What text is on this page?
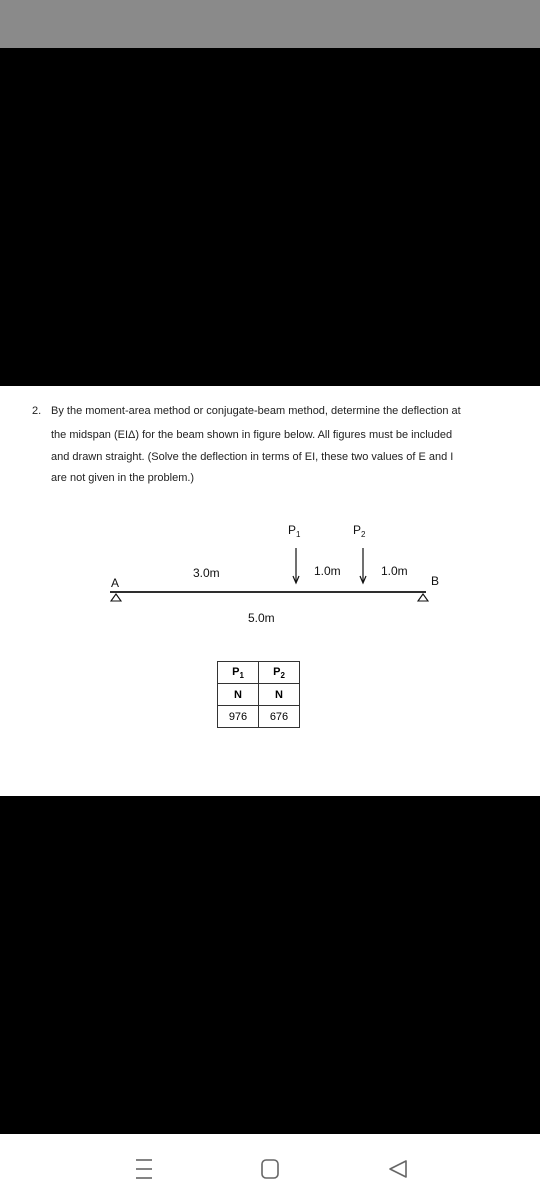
2. By the moment-area method or conjugate-beam method, determine the deflection at
the midspan (EIΔ) for the beam shown in figure below. All figures must be included
and drawn straight. (Solve the deflection in terms of EI, these two values of E and I
are not given in the problem.)
$P_1$	$P_2$
3.0m	1.0m	1.0m
A	B
5.0m
$P_1$	$P_2$
N	N
976	676
